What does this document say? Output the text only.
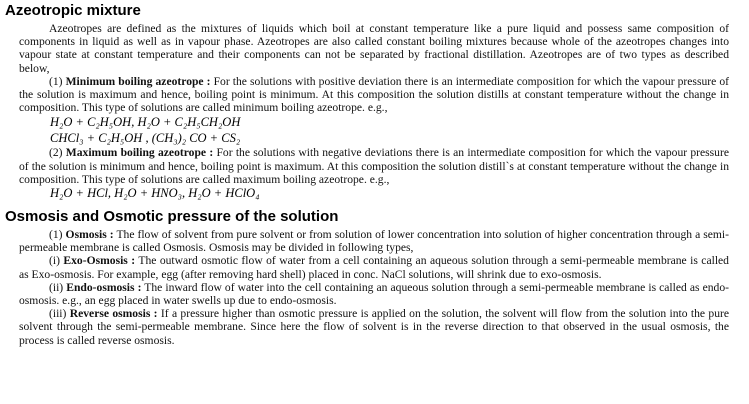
Azeotropic mixture

Azeotropes are defined as the mixtures of liquids which boil at constant temperature like a pure liquid and possess same composition of components in liquid as well as in vapour phase. Azeotropes are also called constant boiling mixtures because whole of the azeotropes changes into vapour state at constant temperature and their components can not be separated by fractional distillation. Azeotropes are of two types as described below,

(1) Minimum boiling azeotrope : For the solutions with positive deviation there is an intermediate composition for which the vapour pressure of the solution is maximum and hence, boiling point is minimum. At this composition the solution distills at constant temperature without the change in composition. This type of solutions are called minimum boiling azeotrope. e.g.,

H₂O + C₂H₅OH, H₂O + C₂H₅CH₂OH
CHCl₃ + C₂H₅OH , (CH₃)₂ CO + CS₂

(2) Maximum boiling azeotrope : For the solutions with negative deviations there is an intermediate composition for which the vapour pressure of the solution is minimum and hence, boiling point is maximum. At this composition the solution distill`s at constant temperature without the change in composition. This type of solutions are called maximum boiling azeotrope. e.g.,

H₂O + HCl, H₂O + HNO₃, H₂O + HClO₄
Osmosis and Osmotic pressure of the solution

(1) Osmosis : The flow of solvent from pure solvent or from solution of lower concentration into solution of higher concentration through a semi-permeable membrane is called Osmosis. Osmosis may be divided in following types,

(i) Exo-Osmosis : The outward osmotic flow of water from a cell containing an aqueous solution through a semi-permeable membrane is called as Exo-osmosis. For example, egg (after removing hard shell) placed in conc. NaCl solutions, will shrink due to exo-osmosis.

(ii) Endo-osmosis : The inward flow of water into the cell containing an aqueous solution through a semi-permeable membrane is called as endo-osmosis. e.g., an egg placed in water swells up due to endo-osmosis.

(iii) Reverse osmosis : If a pressure higher than osmotic pressure is applied on the solution, the solvent will flow from the solution into the pure solvent through the semi-permeable membrane. Since here the flow of solvent is in the reverse direction to that observed in the usual osmosis, the process is called reverse osmosis.
